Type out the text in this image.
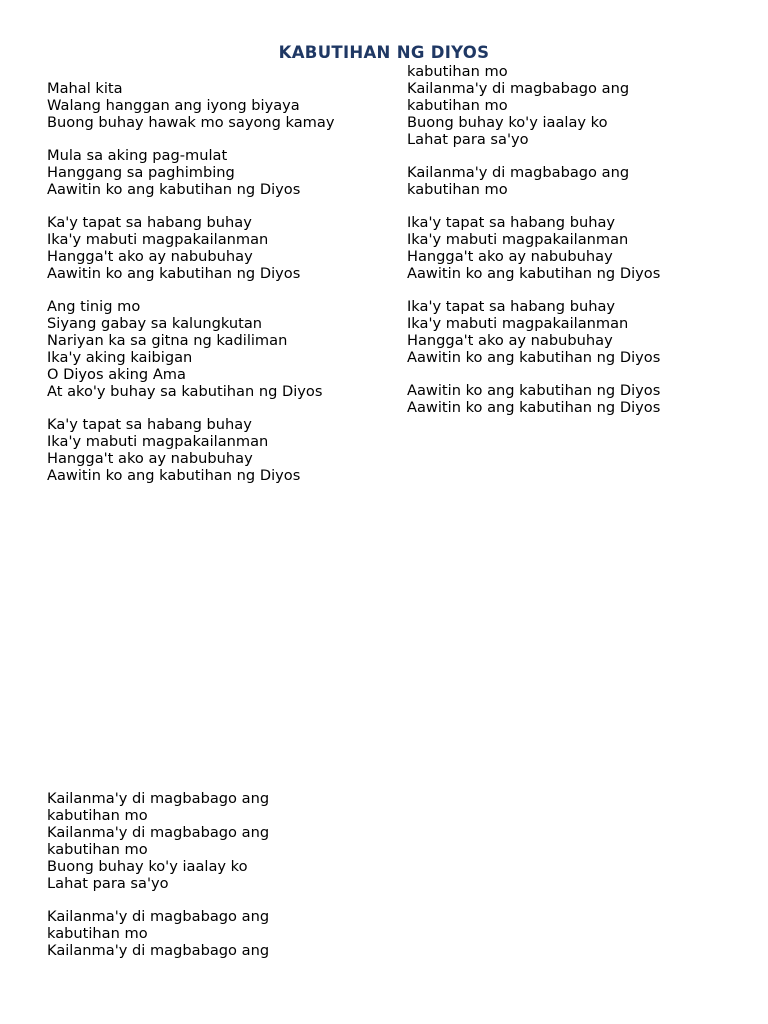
KABUTIHAN NG DIYOS
Mahal kita
Walang hanggan ang iyong biyaya
Buong buhay hawak mo sayong kamay
Mula sa aking pag-mulat
Hanggang sa paghimbing
Aawitin ko ang kabutihan ng Diyos
Ka'y tapat sa habang buhay
Ika'y mabuti magpakailanman
Hangga't ako ay nabubuhay
Aawitin ko ang kabutihan ng Diyos
Ang tinig mo
Siyang gabay sa kalungkutan
Nariyan ka sa gitna ng kadiliman
Ika'y aking kaibigan
O Diyos aking Ama
At ako'y buhay sa kabutihan ng Diyos
Ka'y tapat sa habang buhay
Ika'y mabuti magpakailanman
Hangga't ako ay nabubuhay
Aawitin ko ang kabutihan ng Diyos
kabutihan mo
Kailanma'y di magbabago ang
kabutihan mo
Buong buhay ko'y iaalay ko
Lahat para sa'yo
Kailanma'y di magbabago ang
kabutihan mo
Ika'y tapat sa habang buhay
Ika'y mabuti magpakailanman
Hangga't ako ay nabubuhay
Aawitin ko ang kabutihan ng Diyos
Ika'y tapat sa habang buhay
Ika'y mabuti magpakailanman
Hangga't ako ay nabubuhay
Aawitin ko ang kabutihan ng Diyos
Aawitin ko ang kabutihan ng Diyos
Aawitin ko ang kabutihan ng Diyos
Kailanma'y di magbabago ang
kabutihan mo
Kailanma'y di magbabago ang
kabutihan mo
Buong buhay ko'y iaalay ko
Lahat para sa'yo
Kailanma'y di magbabago ang
kabutihan mo
Kailanma'y di magbabago ang
